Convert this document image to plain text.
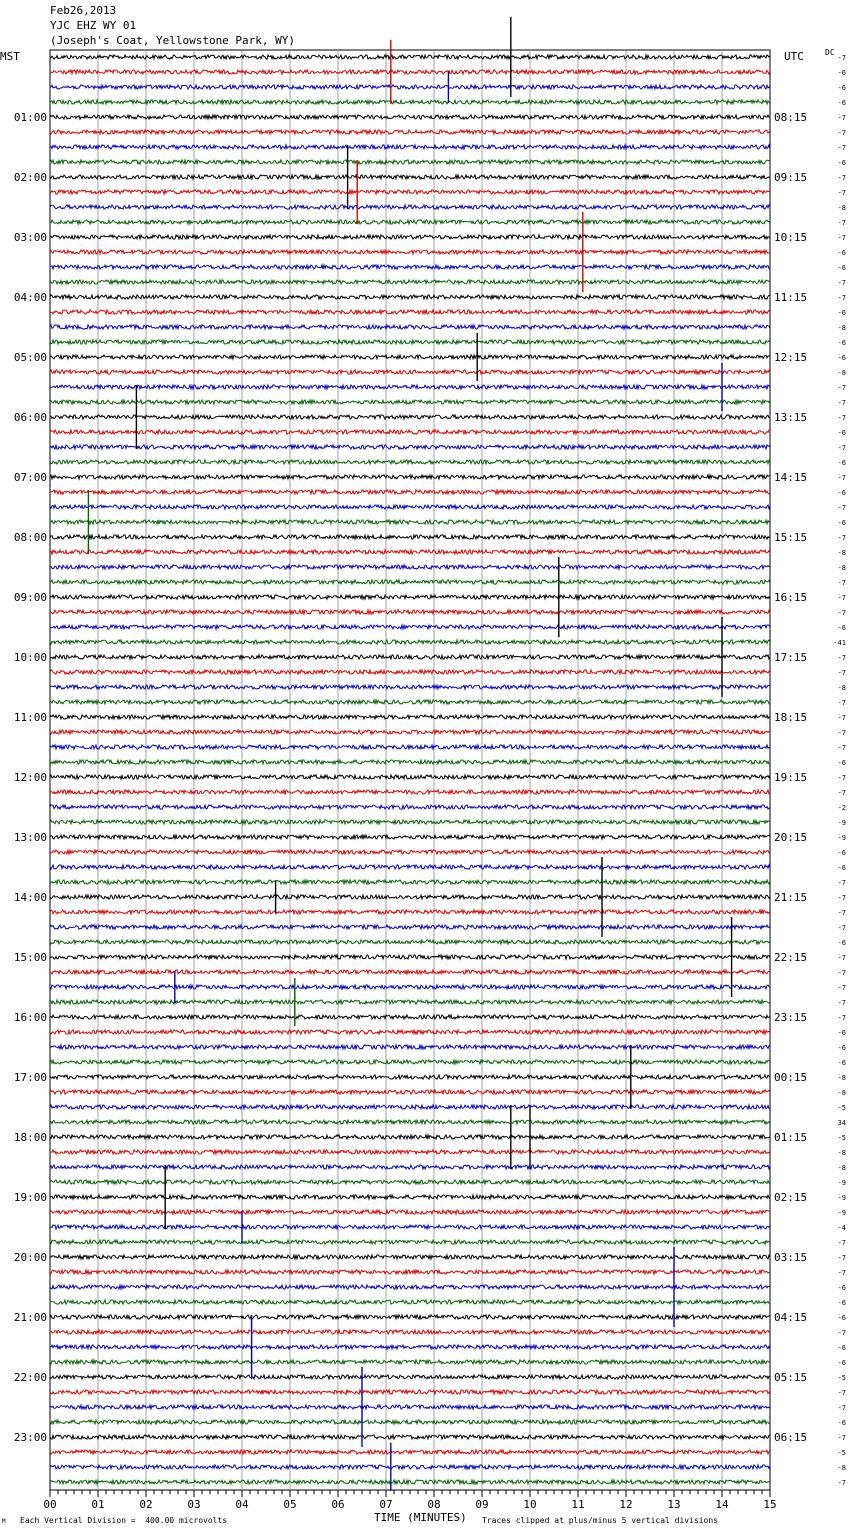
Feb26,2013
YJC EHZ WY 01
(Joseph's Coat, Yellowstone Park, WY)
MST	UTC	DC
01:00
02:00
03:00
04:00
05:00
06:00
07:00
08:00
09:00
10:00
11:00
12:00
13:00
14:00
15:00
16:00
17:00
18:00
19:00
20:00
21:00
22:00
23:00
08:15
09:15
10:15
11:15
12:15
13:15
14:15
15:15
16:15
17:15
18:15
19:15
20:15
21:15
22:15
23:15
00:15
01:15
02:15
03:15
04:15
05:15
06:15
-7
-6
-6
-6
-7
-7
-7
-6
-7
-7
-8
-7
-7
-6
-6
-7
-7
-6
-8
-6
-6
-8
-7
-7
-7
-6
-7
-6
-7
-6
-7
-6
-7
-8
-8
-7
-7
-7
-6
-41
-7
-7
-8
-7
-7
-7
-7
-6
-7
-7
-2
-9
-9
-6
-6
-7
-7
-7
-7
-6
-7
-7
-7
-7
-7
-6
-6
-6
-8
-8
-5
34
-5
-8
-8
-9
-9
-9
-4
-7
-7
-7
-6
-6
-6
-7
-6
-6
-5
-7
-7
-6
-7
-5
-8
-7
00	01	02	03	04	05	06	07	08	09	10	11	12	13	14	15
TIME (MINUTES)
Each Vertical Division =  400.00 microvolts	Traces clipped at plus/minus 5 vertical divisions
M
